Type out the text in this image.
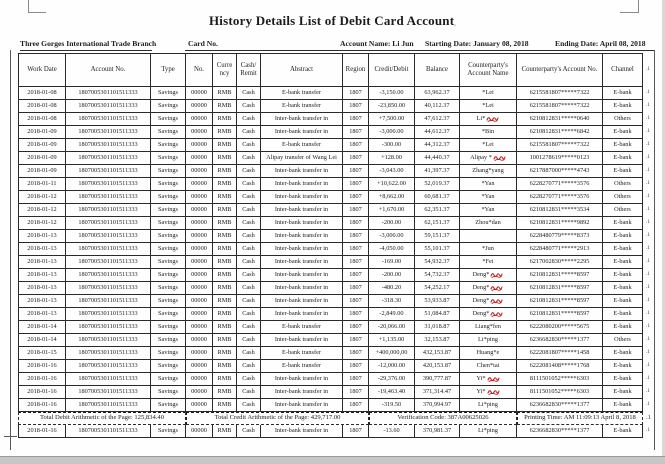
History Details List of Debit Card Account,
Three Gorges International Trade Branch	Card No.	Account Name: Li Jun Starting Date: January 08, 2018	Ending Date: April 08, 2018
Work Date	Account No.	Type	No.	Curre ncy	Cash/ Remit	Abstract	Region	Credit/Debit	Balance	Counterparty's Account Name	Counterparty's Account No.	Channel	.1
2018-01-08	1807005301101511333	Savings	00000	RMB	Cash	E-bank transfer	1807	-3,150.00	63,962.37	*Lei	6215581807*****7322	E-bank	.1
2018-01-08	1807005301101511333	Savings	00000	RMB	Cash	E-bank transfer	1807	-23,850.00	40,112.37	*Lei	6215581807*****7322	E-bank	.1
2018-01-08	1807005301101511333	Savings	00000	RMB	Cash	Inter-bank transfer in	1807	+7,500.00	47,612.37	Li*	6210812831*****0640	Others	.1
2018-01-09	1807005301101511333	Savings	00000	RMB	Cash	Inter-bank transfer in	1807	-3,000.00	44,612.37	*Bin	6210812831*****6842	E-bank	.1
2018-01-09	1807005301101511333	Savings	00000	RMB	Cash	E-bank transfer	1807	-300.00	44,312.37	*Lei	6215581807*****7322	E-bank	.1
2018-01-09	1807005301101511333	Savings	00000	RMB	Cash	Alipay transfer of Wang Lei	1807	+128.00	44,440.37	Alipay *	1001278619*****0123	E-bank	.1
2018-01-09	1807005301101511333	Savings	00000	RMB	Cash	Inter-bank transfer in	1807	-3,043.00	41,397.37	Zhang*yang	6217887000*****4743	E-bank	.1
2018-01-11	1807005301101511333	Savings	00000	RMB	Cash	Inter-bank transfer in	1807	+10,622.00	52,019.37	*Yan	6228270771*****3576	Others	.1
2018-01-12	1807005301101511333	Savings	00000	RMB	Cash	Inter-bank transfer in	1807	+8,662.00	60,681.37	*Yan	6228270771*****3576	Others	.1
2018-01-12	1807005301101511333	Savings	00000	RMB	Cash	Inter-bank transfer in	1807	+1,670.00	62,351.37	*Yan	6210812831*****3534	Others	.1
2018-01-12	1807005301101511333	Savings	00000	RMB	Cash	Inter-bank transfer in	1807	-200.00	62,151.37	Zhou*dan	6210812831*****9892	E-bank	.1
2018-01-13	1807005301101511333	Savings	00000	RMB	Cash	Inter-bank transfer in	1807	-3,000.00	59,151.37		6228480779*****8373	E-bank	.1
2018-01-13	1807005301101511333	Savings	00000	RMB	Cash	Inter-bank transfer in	1807	-4,050.00	55,101.37	*Jun	6228480771*****2913	E-bank	.1
2018-01-13	1807005301101511333	Savings	00000	RMB	Cash	Inter-bank transfer in	1807	-169.00	54,932.37	*Fei	6217002830*****2295	E-bank	.1
2018-01-13	1807005301101511333	Savings	00000	RMB	Cash	Inter-bank transfer in	1807	-200.00	54,732.37	Deng*	6210812831*****8597	E-bank	.1
2018-01-13	1807005301101511333	Savings	00000	RMB	Cash	Inter-bank transfer in	1807	-480.20	54,252.17	Deng*	6210812831*****8597	E-bank	.1
2018-01-13	1807005301101511333	Savings	00000	RMB	Cash	Inter-bank transfer in	1807	-318.30	53,933.87	Deng*	6210812831*****8597	E-bank	.1
2018-01-13	1807005301101511333	Savings	00000	RMB	Cash	Inter-bank transfer in	1807	-2,849.00	51,084.87	Deng*	6210812831*****8597	E-bank	.1
2018-01-14	1807005301101511333	Savings	00000	RMB	Cash	E-bank transfer	1807	-20,066.00	31,018.87	Liang*fen	6222080200*****5675	E-bank	.1
2018-01-14	1807005301101511333	Savings	00000	RMB	Cash	Inter-bank transfer in	1807	+1,135.00	32,153.87	Li*ping	6236682830*****1377	Others	.1
2018-01-15	1807005301101511333	Savings	00000	RMB	Cash	E-bank transfer	1807	+400,000,00	432,153.87	Huang*e	6222081807*****1458	E-bank	.1
2018-01-16	1807005301101511333	Savings	00000	RMB	Cash	E-bank transfer	1807	-12,000.00	420,153.87	Chen*tai	6222081408*****1768	E-bank	.1
2018-01-16	1807005301101511333	Savings	00000	RMB	Cash	Inter-bank transfer in	1807	-29,376.00	390,777.87	Yi*	8111501052*****6303	E-bank	.1
2018-01-16	1807005301101511333	Savings	00000	RMB	Cash	Inter-bank transfer in	1807	-19,463.40	371,314.47	Yi*	8111501052*****6303	E-bank	.1
2018-01-16	1807005301101511333	Savings	00000	RMB	Cash	Inter-bank transfer in	1807	-319.50	370,994.97	Li*ping	6236682830*****1377	E-bank	.1
Total Debit Arithmetic of the Page: 125,834.40			Total Credit Arithmetic of the Page: 429,717.00					Verification Code: 387A00625026			Printing Time: AM 11:09:13 April 8, 2018		.1
2018-01-16	1807005301101511333	Savings	00000	RMB	Cash	Inter-bank transfer in	1807	-13.60	370,981.37	Li*ping	6236682830*****1377	E-bank	.1
